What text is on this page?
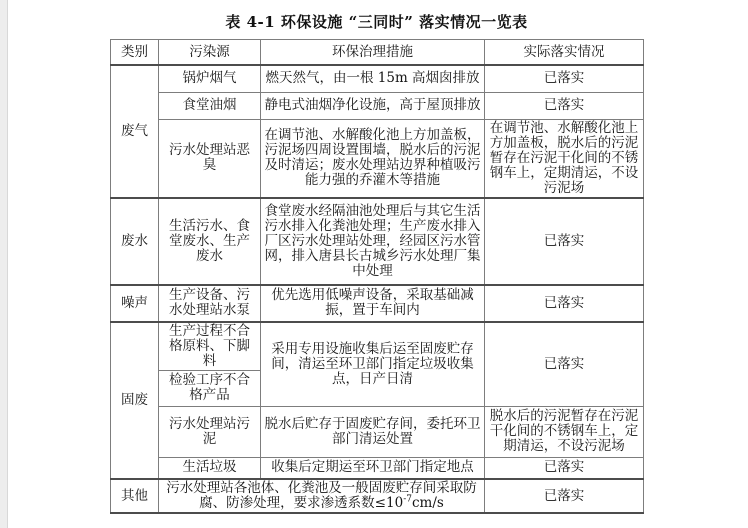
表 4-1 环保设施 “三同时” 落实情况一览表
类别	污染源	环保治理措施	实际落实情况
废气	锅炉烟气	燃天然气，由一根 15m 高烟囱排放	已落实
	食堂油烟	静电式油烟净化设施，高于屋顶排放	已落实
	污水处理站恶臭	在调节池、水解酸化池上方加盖板，污泥场四周设置围墙，脱水后的污泥及时清运；废水处理站边界种植吸污能力强的乔灌木等措施	在调节池、水解酸化池上方加盖板，脱水后的污泥暂存在污泥干化间的不锈钢车上，定期清运，不设污泥场
废水	生活污水、食堂废水、生产废水	食堂废水经隔油池处理后与其它生活污水排入化粪池处理；生产废水排入厂区污水处理站处理，经园区污水管网，排入唐县长古城乡污水处理厂集中处理	已落实
噪声	生产设备、污水处理站水泵	优先选用低噪声设备，采取基础减振，置于车间内	已落实
固废	生产过程不合格原料、下脚料	采用专用设施收集后运至固废贮存间，清运至环卫部门指定垃圾收集点，日产日清	已落实
	检验工序不合格产品		
	污水处理站污泥	脱水后贮存于固废贮存间，委托环卫部门清运处置	脱水后的污泥暂存在污泥干化间的不锈钢车上，定期清运，不设污泥场
	生活垃圾	收集后定期运至环卫部门指定地点	已落实
其他	污水处理站各池体、化粪池及一般固废贮存间采取防腐、防渗处理，要求渗透系数$\le 10^{-7}cm/s$		已落实
